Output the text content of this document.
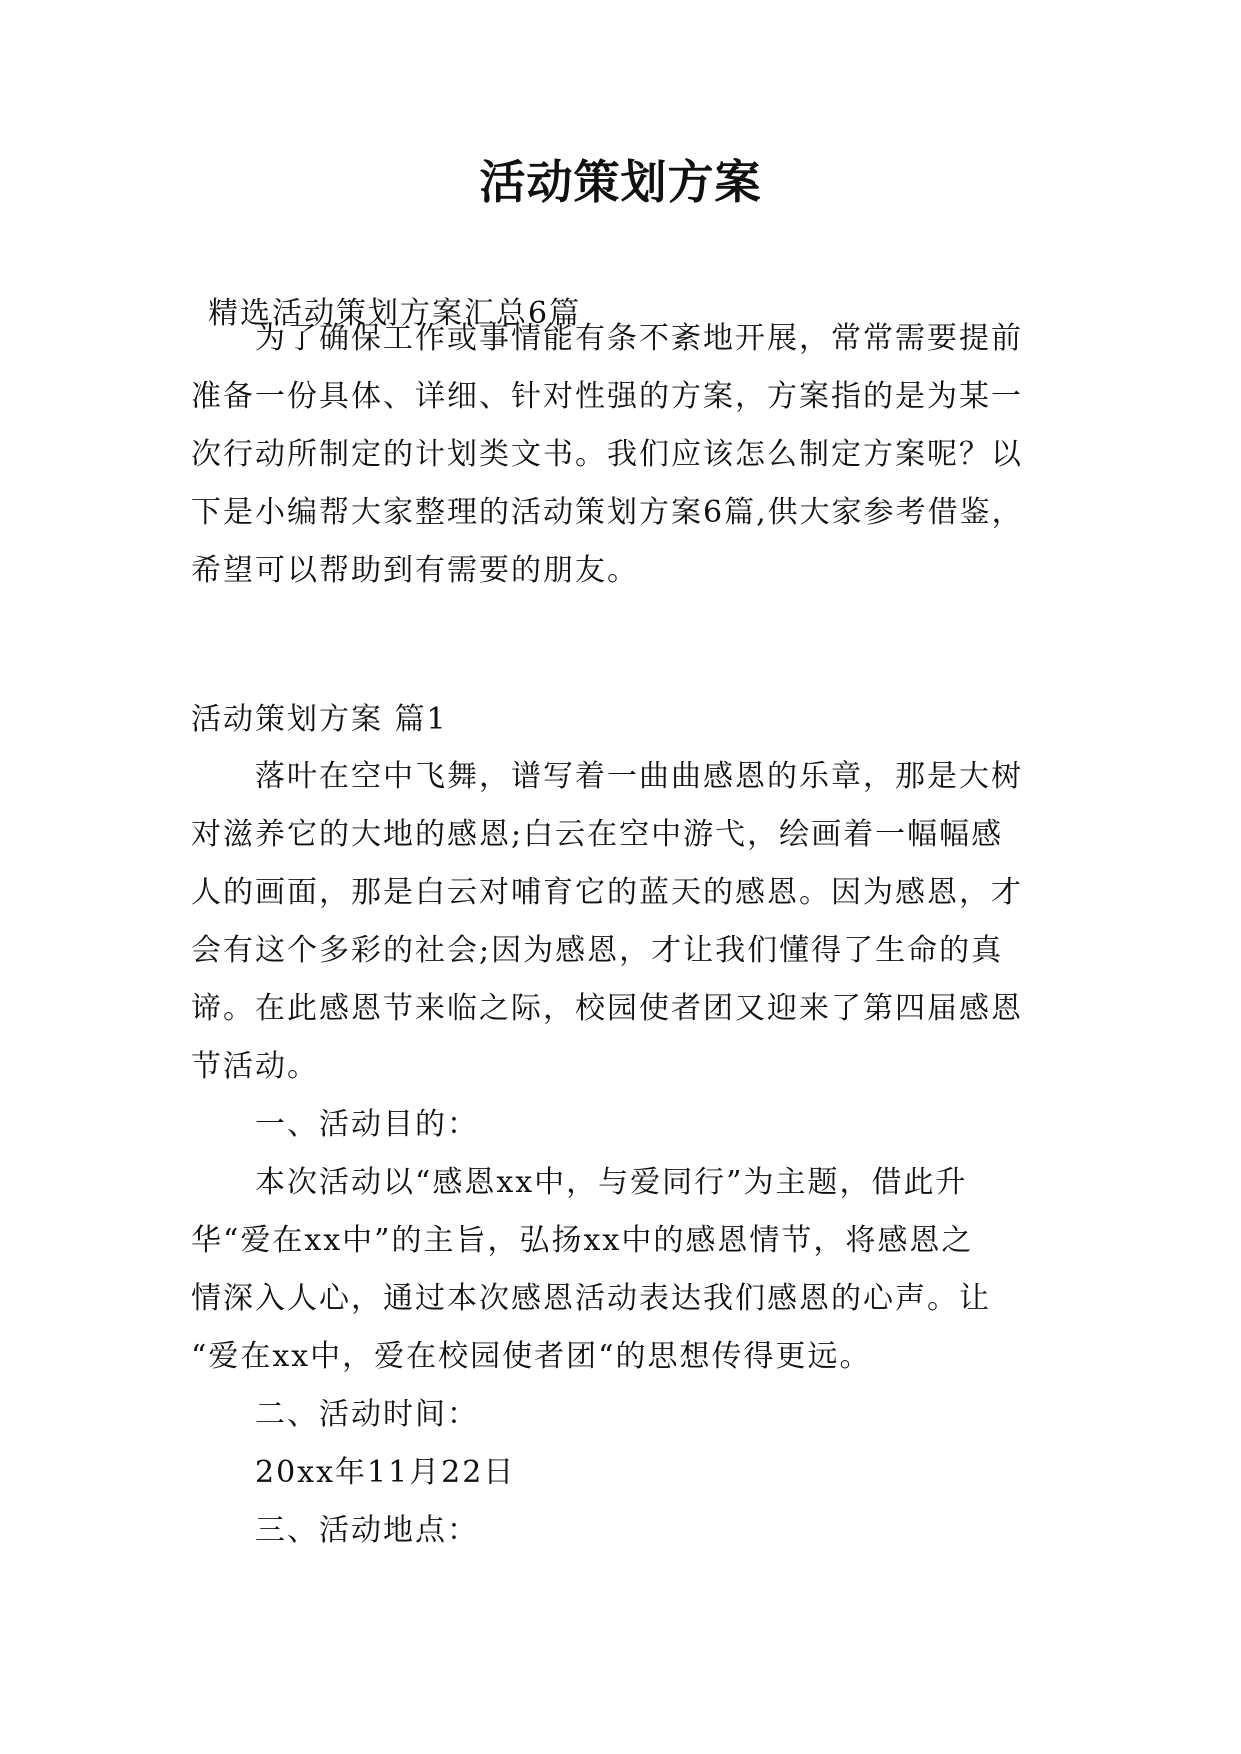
活动策划方案
精选活动策划方案汇总6篇
为了确保工作或事情能有条不紊地开展，常常需要提前
准备一份具体、详细、针对性强的方案，方案指的是为某一
次行动所制定的计划类文书。我们应该怎么制定方案呢？以
下是小编帮大家整理的活动策划方案6篇,供大家参考借鉴，
希望可以帮助到有需要的朋友。
活动策划方案 篇1
落叶在空中飞舞，谱写着一曲曲感恩的乐章，那是大树
对滋养它的大地的感恩;白云在空中游弋，绘画着一幅幅感
人的画面，那是白云对哺育它的蓝天的感恩。因为感恩，才
会有这个多彩的社会;因为感恩，才让我们懂得了生命的真
谛。在此感恩节来临之际，校园使者团又迎来了第四届感恩
节活动。
一、活动目的：
本次活动以“感恩xx中，与爱同行”为主题，借此升
华“爱在xx中”的主旨，弘扬xx中的感恩情节，将感恩之
情深入人心，通过本次感恩活动表达我们感恩的心声。让
“爱在xx中，爱在校园使者团“的思想传得更远。
二、活动时间：
20xx年11月22日
三、活动地点：
